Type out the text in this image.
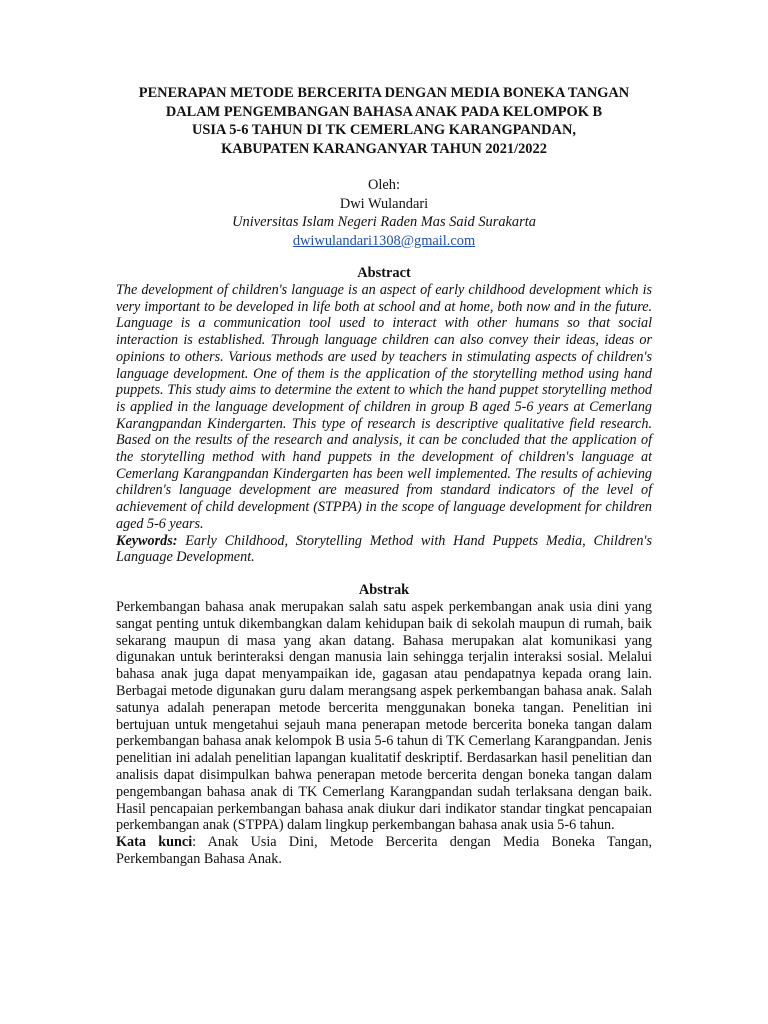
PENERAPAN METODE BERCERITA DENGAN MEDIA BONEKA TANGAN
DALAM PENGEMBANGAN BAHASA ANAK PADA KELOMPOK B
USIA 5-6 TAHUN DI TK CEMERLANG KARANGPANDAN,
KABUPATEN KARANGANYAR TAHUN 2021/2022
Oleh:
Dwi Wulandari
Universitas Islam Negeri Raden Mas Said Surakarta
dwiwulandari1308@gmail.com
Abstract

The development of children's language is an aspect of early childhood development which is very important to be developed in life both at school and at home, both now and in the future. Language is a communication tool used to interact with other humans so that social interaction is established. Through language children can also convey their ideas, ideas or opinions to others. Various methods are used by teachers in stimulating aspects of children's language development. One of them is the application of the storytelling method using hand puppets. This study aims to determine the extent to which the hand puppet storytelling method is applied in the language development of children in group B aged 5-6 years at Cemerlang Karangpandan Kindergarten. This type of research is descriptive qualitative field research. Based on the results of the research and analysis, it can be concluded that the application of the storytelling method with hand puppets in the development of children's language at Cemerlang Karangpandan Kindergarten has been well implemented. The results of achieving children's language development are measured from standard indicators of the level of achievement of child development (STPPA) in the scope of language development for children aged 5-6 years.

Keywords: Early Childhood, Storytelling Method with Hand Puppets Media, Children's Language Development.

Abstrak

Perkembangan bahasa anak merupakan salah satu aspek perkembangan anak usia dini yang sangat penting untuk dikembangkan dalam kehidupan baik di sekolah maupun di rumah, baik sekarang maupun di masa yang akan datang. Bahasa merupakan alat komunikasi yang digunakan untuk berinteraksi dengan manusia lain sehingga terjalin interaksi sosial. Melalui bahasa anak juga dapat menyampaikan ide, gagasan atau pendapatnya kepada orang lain. Berbagai metode digunakan guru dalam merangsang aspek perkembangan bahasa anak. Salah satunya adalah penerapan metode bercerita menggunakan boneka tangan. Penelitian ini bertujuan untuk mengetahui sejauh mana penerapan metode bercerita boneka tangan dalam perkembangan bahasa anak kelompok B usia 5-6 tahun di TK Cemerlang Karangpandan. Jenis penelitian ini adalah penelitian lapangan kualitatif deskriptif. Berdasarkan hasil penelitian dan analisis dapat disimpulkan bahwa penerapan metode bercerita dengan boneka tangan dalam pengembangan bahasa anak di TK Cemerlang Karangpandan sudah terlaksana dengan baik. Hasil pencapaian perkembangan bahasa anak diukur dari indikator standar tingkat pencapaian perkembangan anak (STPPA) dalam lingkup perkembangan bahasa anak usia 5-6 tahun.

Kata kunci: Anak Usia Dini, Metode Bercerita dengan Media Boneka Tangan, Perkembangan Bahasa Anak.
